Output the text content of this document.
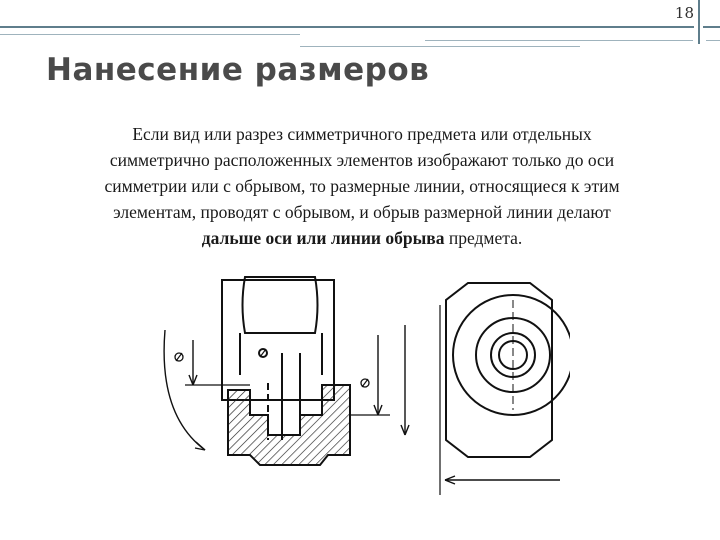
18
Нанесение размеров

Если вид или разрез симметричного предмета или отдельных
симметрично расположенных элементов изображают только до оси
симметрии или с обрывом, то размерные линии, относящиеся к этим
элементам, проводят с обрывом, и обрыв размерной линии делают
дальше оси или линии обрыва предмета.
